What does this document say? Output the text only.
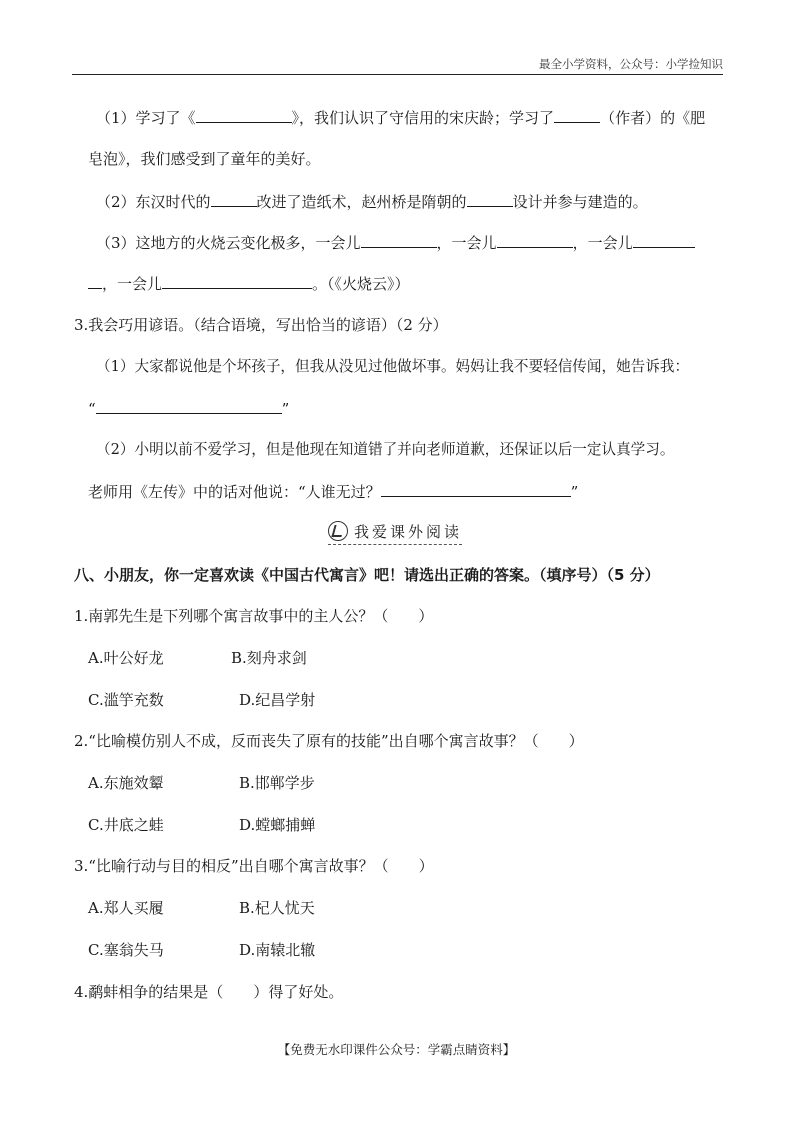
最全小学资料，公众号：小学捡知识
（1）学习了《	》，我们认识了守信用的宋庆龄；学习了	（作者）的《肥
皂泡》，我们感受到了童年的美好。
（2）东汉时代的	改进了造纸术，赵州桥是隋朝的	设计并参与建造的。
（3）这地方的火烧云变化极多，一会儿	，一会儿	，一会儿
，一会儿	。（《火烧云》）
3.我会巧用谚语。（结合语境，写出恰当的谚语）（2 分）
（1）大家都说他是个坏孩子，但我从没见过他做坏事。妈妈让我不要轻信传闻，她告诉我：
“	”
（2）小明以前不爱学习，但是他现在知道错了并向老师道歉，还保证以后一定认真学习。
老师用《左传》中的话对他说：“人谁无过？	”
我爱课外阅读
八、小朋友，你一定喜欢读《中国古代寓言》吧！请选出正确的答案。（填序号）（5 分）
1.南郭先生是下列哪个寓言故事中的主人公？（　　）
A.叶公好龙	B.刻舟求剑
C.滥竽充数	D.纪昌学射
2.“比喻模仿别人不成，反而丧失了原有的技能”出自哪个寓言故事？（　　）
A.东施效颦	B.邯郸学步
C.井底之蛙	D.螳螂捕蝉
3.“比喻行动与目的相反”出自哪个寓言故事？（　　）
A.郑人买履	B.杞人忧天
C.塞翁失马	D.南辕北辙
4.鹬蚌相争的结果是（　　）得了好处。
【免费无水印课件公众号：学霸点睛资料】
